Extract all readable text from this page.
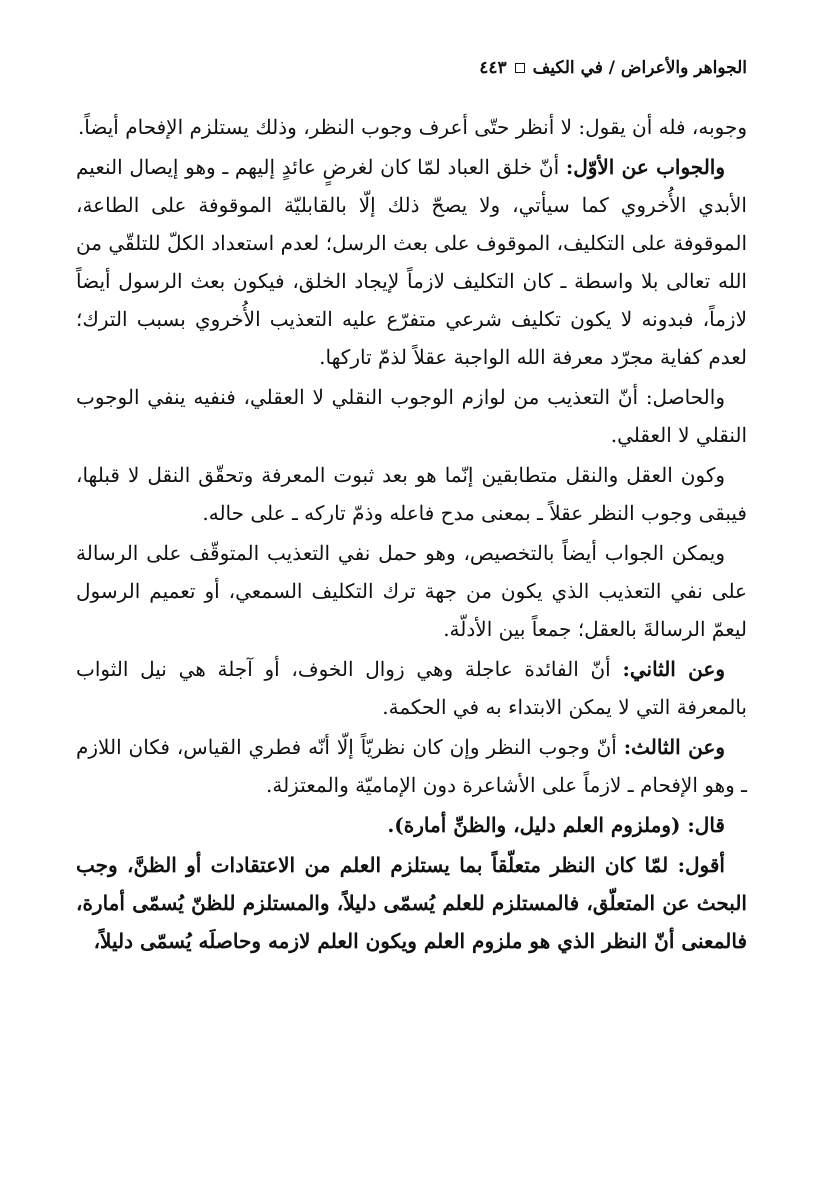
الجواهر والأعراض / في الكيف
٤٤٣

وجوبه، فله أن يقول: لا أنظر حتّى أعرف وجوب النظر، وذلك يستلزم الإفحام أيضاً.

والجواب عن الأوّل: أنّ خلق العباد لمّا كان لغرضٍ عائدٍ إليهم ـ وهو إيصال النعيم الأبدي الأُخروي كما سيأتي، ولا يصحّ ذلك إلّا بالقابليّة الموقوفة على الطاعة، الموقوفة على التكليف، الموقوف على بعث الرسل؛ لعدم استعداد الكلّ للتلقّي من الله تعالى بلا واسطة ـ كان التكليف لازماً لإيجاد الخلق، فيكون بعث الرسول أيضاً لازماً، فبدونه لا يكون تكليف شرعي متفرّع عليه التعذيب الأُخروي بسبب الترك؛ لعدم كفاية مجرّد معرفة الله الواجبة عقلاً لذمّ تاركها.

والحاصل: أنّ التعذيب من لوازم الوجوب النقلي لا العقلي، فنفيه ينفي الوجوب النقلي لا العقلي.

وكون العقل والنقل متطابقين إنّما هو بعد ثبوت المعرفة وتحقّق النقل لا قبلها، فيبقى وجوب النظر عقلاً ـ بمعنى مدح فاعله وذمّ تاركه ـ على حاله.

ويمكن الجواب أيضاً بالتخصيص، وهو حمل نفي التعذيب المتوقّف على الرسالة على نفي التعذيب الذي يكون من جهة ترك التكليف السمعي، أو تعميم الرسول ليعمّ الرسالةَ بالعقل؛ جمعاً بين الأدلّة.

وعن الثاني: أنّ الفائدة عاجلة وهي زوال الخوف، أو آجلة هي نيل الثواب بالمعرفة التي لا يمكن الابتداء به في الحكمة.

وعن الثالث: أنّ وجوب النظر وإن كان نظريّاً إلّا أنّه فطري القياس، فكان اللازم ـ وهو الإفحام ـ لازماً على الأشاعرة دون الإماميّة والمعتزلة.

قال: (وملزوم العلم دليل، والظنِّ أمارة).

أقول: لمّا كان النظر متعلّقاً بما يستلزم العلم من الاعتقادات أو الظنَّ، وجب البحث عن المتعلّق، فالمستلزم للعلم يُسمّى دليلاً، والمستلزم للظنّ يُسمّى أمارة، فالمعنى أنّ النظر الذي هو ملزوم العلم ويكون العلم لازمه وحاصلَه يُسمّى دليلاً،
